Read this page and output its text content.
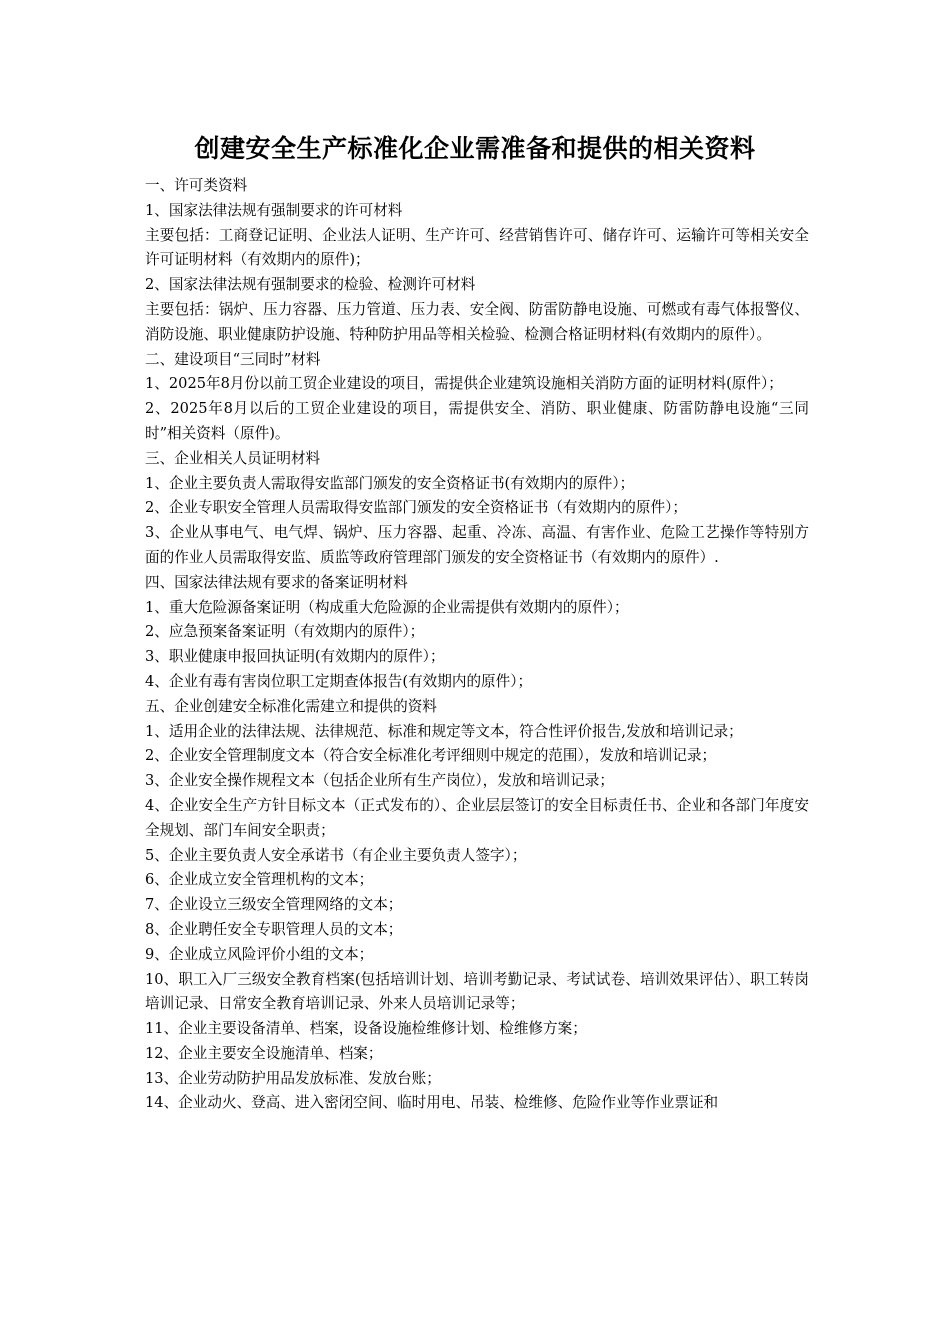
创建安全生产标准化企业需准备和提供的相关资料

一、许可类资料

1、国家法律法规有强制要求的许可材料

主要包括：工商登记证明、企业法人证明、生产许可、经营销售许可、储存许可、运输许可等相关安全许可证明材料（有效期内的原件)；

2、国家法律法规有强制要求的检验、检测许可材料

主要包括：锅炉、压力容器、压力管道、压力表、安全阀、防雷防静电设施、可燃或有毒气体报警仪、消防设施、职业健康防护设施、特种防护用品等相关检验、检测合格证明材料(有效期内的原件）。

二、建设项目“三同时”材料

1、2025年8月份以前工贸企业建设的项目，需提供企业建筑设施相关消防方面的证明材料(原件）；

2、2025年8月以后的工贸企业建设的项目，需提供安全、消防、职业健康、防雷防静电设施“三同时”相关资料（原件)。

三、企业相关人员证明材料

1、企业主要负责人需取得安监部门颁发的安全资格证书(有效期内的原件）；

2、企业专职安全管理人员需取得安监部门颁发的安全资格证书（有效期内的原件）；

3、企业从事电气、电气焊、锅炉、压力容器、起重、冷冻、高温、有害作业、危险工艺操作等特别方面的作业人员需取得安监、质监等政府管理部门颁发的安全资格证书（有效期内的原件）.

四、国家法律法规有要求的备案证明材料

1、重大危险源备案证明（构成重大危险源的企业需提供有效期内的原件）；

2、应急预案备案证明（有效期内的原件）；

3、职业健康申报回执证明(有效期内的原件）；

4、企业有毒有害岗位职工定期查体报告(有效期内的原件）；

五、企业创建安全标准化需建立和提供的资料

1、适用企业的法律法规、法律规范、标准和规定等文本，符合性评价报告,发放和培训记录；

2、企业安全管理制度文本（符合安全标准化考评细则中规定的范围），发放和培训记录；

3、企业安全操作规程文本（包括企业所有生产岗位），发放和培训记录；

4、企业安全生产方针目标文本（正式发布的）、企业层层签订的安全目标责任书、企业和各部门年度安全规划、部门车间安全职责；

5、企业主要负责人安全承诺书（有企业主要负责人签字）；

6、企业成立安全管理机构的文本；

7、企业设立三级安全管理网络的文本；

8、企业聘任安全专职管理人员的文本；

9、企业成立风险评价小组的文本；

10、职工入厂三级安全教育档案(包括培训计划、培训考勤记录、考试试卷、培训效果评估）、职工转岗培训记录、日常安全教育培训记录、外来人员培训记录等；

11、企业主要设备清单、档案，设备设施检维修计划、检维修方案；

12、企业主要安全设施清单、档案；

13、企业劳动防护用品发放标准、发放台账；

14、企业动火、登高、进入密闭空间、临时用电、吊装、检维修、危险作业等作业票证和
